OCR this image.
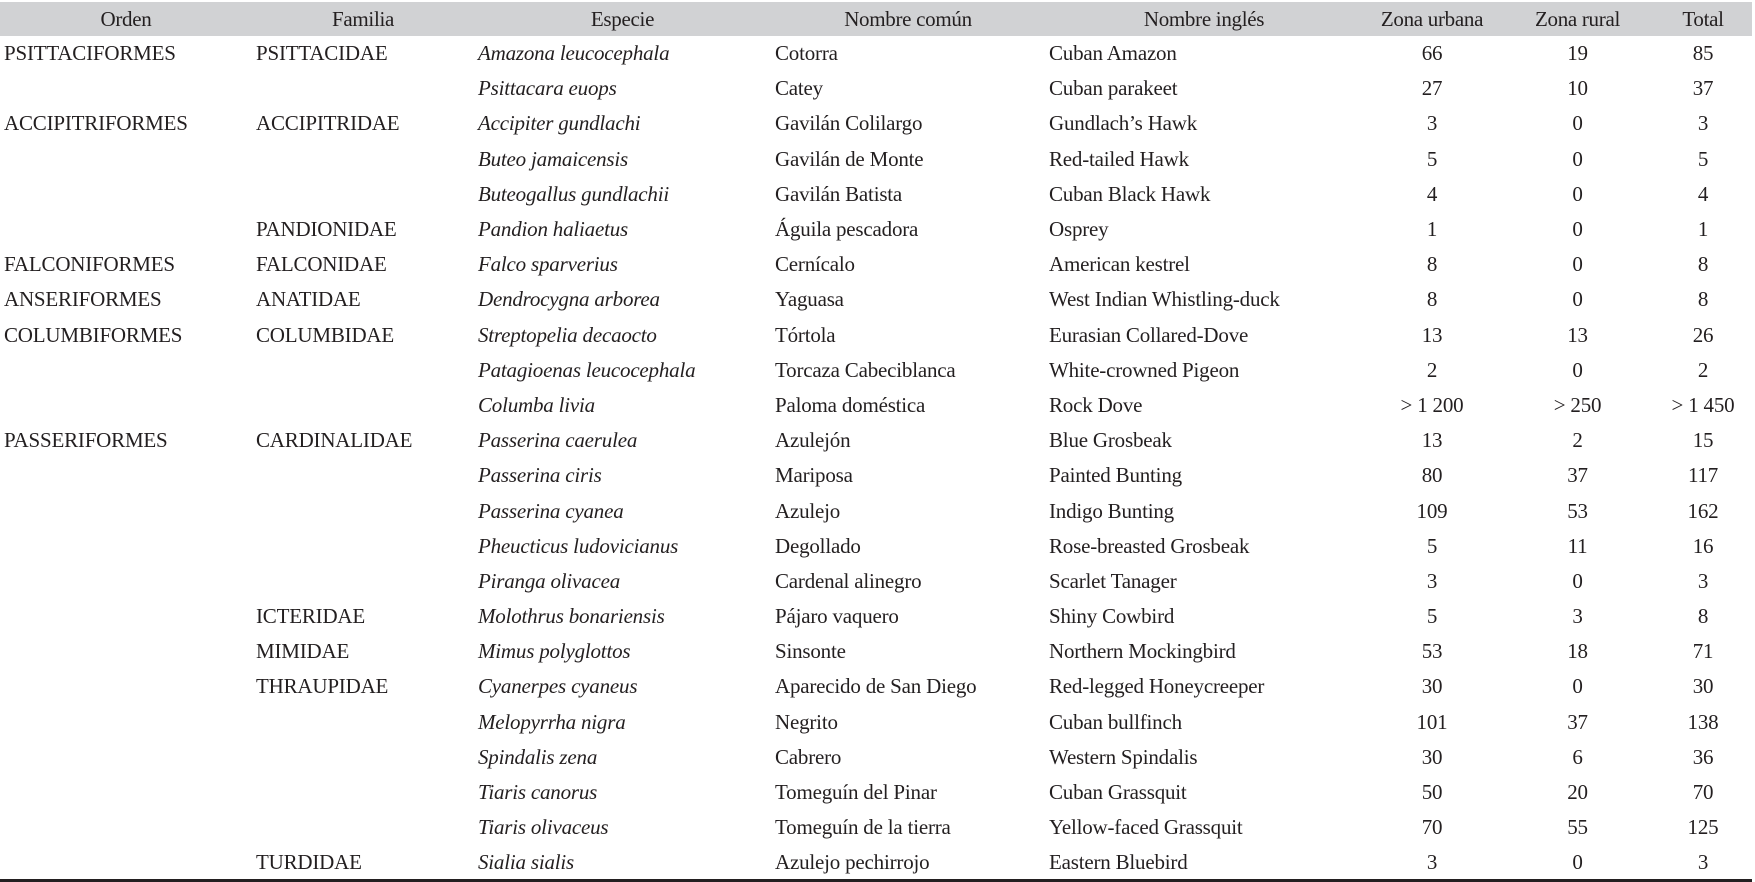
Orden	Familia	Especie	Nombre común	Nombre inglés	Zona urbana	Zona rural	Total
PSITTACIFORMES	PSITTACIDAE	Amazona leucocephala	Cotorra	Cuban Amazon	66	19	85
		Psittacara euops	Catey	Cuban parakeet	27	10	37
ACCIPITRIFORMES	ACCIPITRIDAE	Accipiter gundlachi	Gavilán Colilargo	Gundlach’s Hawk	3	0	3
		Buteo jamaicensis	Gavilán de Monte	Red-tailed Hawk	5	0	5
		Buteogallus gundlachii	Gavilán Batista	Cuban Black Hawk	4	0	4
	PANDIONIDAE	Pandion haliaetus	Águila pescadora	Osprey	1	0	1
FALCONIFORMES	FALCONIDAE	Falco sparverius	Cernícalo	American kestrel	8	0	8
ANSERIFORMES	ANATIDAE	Dendrocygna arborea	Yaguasa	West Indian Whistling-duck	8	0	8
COLUMBIFORMES	COLUMBIDAE	Streptopelia decaocto	Tórtola	Eurasian Collared-Dove	13	13	26
		Patagioenas leucocephala	Torcaza Cabeciblanca	White-crowned Pigeon	2	0	2
		Columba livia	Paloma doméstica	Rock Dove	> 1 200	> 250	> 1 450
PASSERIFORMES	CARDINALIDAE	Passerina caerulea	Azulejón	Blue Grosbeak	13	2	15
		Passerina ciris	Mariposa	Painted Bunting	80	37	117
		Passerina cyanea	Azulejo	Indigo Bunting	109	53	162
		Pheucticus ludovicianus	Degollado	Rose-breasted Grosbeak	5	11	16
		Piranga olivacea	Cardenal alinegro	Scarlet Tanager	3	0	3
	ICTERIDAE	Molothrus bonariensis	Pájaro vaquero	Shiny Cowbird	5	3	8
	MIMIDAE	Mimus polyglottos	Sinsonte	Northern Mockingbird	53	18	71
	THRAUPIDAE	Cyanerpes cyaneus	Aparecido de San Diego	Red-legged Honeycreeper	30	0	30
		Melopyrrha nigra	Negrito	Cuban bullfinch	101	37	138
		Spindalis zena	Cabrero	Western Spindalis	30	6	36
		Tiaris canorus	Tomeguín del Pinar	Cuban Grassquit	50	20	70
		Tiaris olivaceus	Tomeguín de la tierra	Yellow-faced Grassquit	70	55	125
	TURDIDAE	Sialia sialis	Azulejo pechirrojo	Eastern Bluebird	3	0	3
